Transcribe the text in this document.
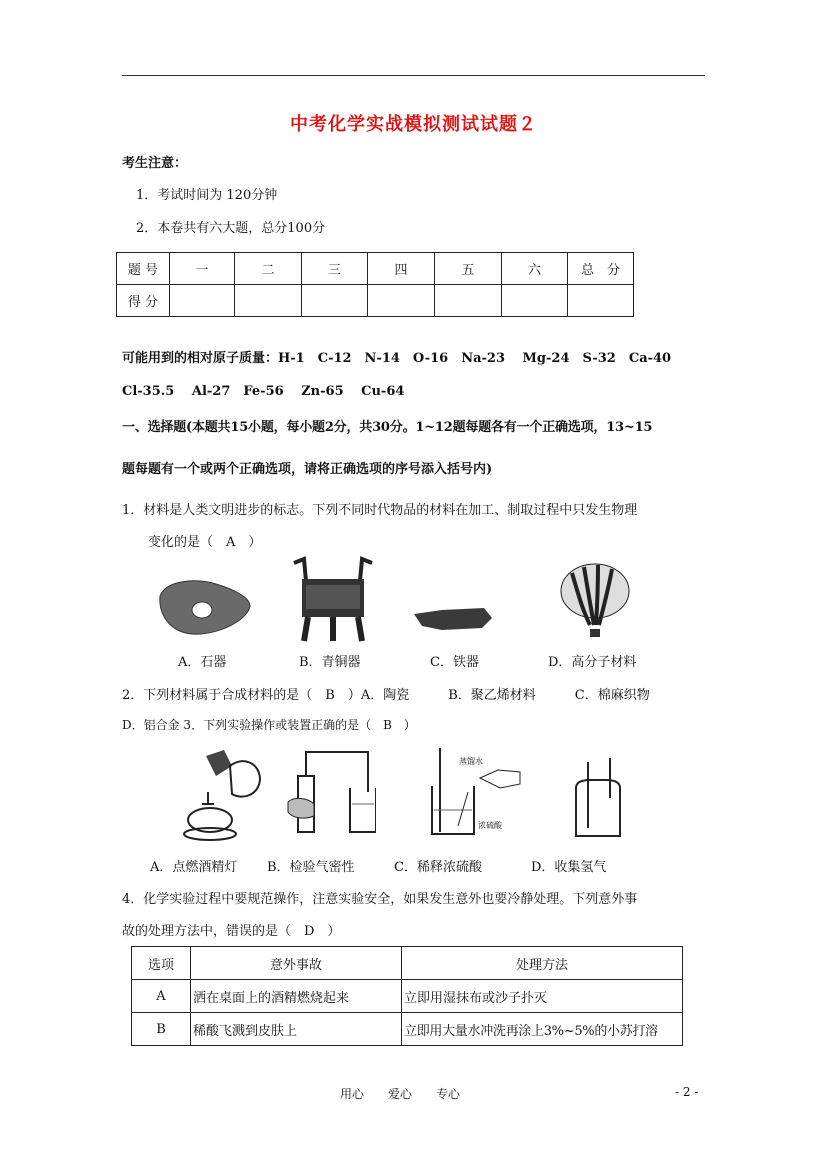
中考化学实战模拟测试试题２
考生注意：
1．考试时间为 120分钟
2．本卷共有六大题，总分100分
题 号	一	二	三	四	五	六	总　分
得 分							
可能用到的相对原子质量：H-1　C-12　N-14　O-16　Na-23　 Mg-24　S-32　Ca-40
Cl-35.5　 Al-27　Fe-56　 Zn-65　 Cu-64
一、选择题(本题共15小题，每小题2分，共30分。1~12题每题各有一个正确选项，13~15
题每题有一个或两个正确选项，请将正确选项的序号添入括号内)
1．材料是人类文明进步的标志。下列不同时代物品的材料在加工、制取过程中只发生物理
变化的是（　A　）
A．石器	B．青铜器	C．铁器	D．高分子材料
2．下列材料属于合成材料的是（　B　）A．陶瓷　　　B．聚乙烯材料　　　C．棉麻织物
D．铝合金 3．下列实验操作或装置正确的是（　B　）
蒸馏水
浓硫酸
A．点燃酒精灯 B．检验气密性	C．稀释浓硫酸	D．收集氢气
4．化学实验过程中要规范操作，注意实验安全，如果发生意外也要冷静处理。下列意外事
故的处理方法中，错误的是（　D　）
选项	意外事故	处理方法
A	洒在桌面上的酒精燃烧起来	立即用湿抹布或沙子扑灭
B	稀酸飞溅到皮肤上	立即用大量水冲洗再涂上3%~5%的小苏打溶
用心　　爱心　　专心	- 2 -
